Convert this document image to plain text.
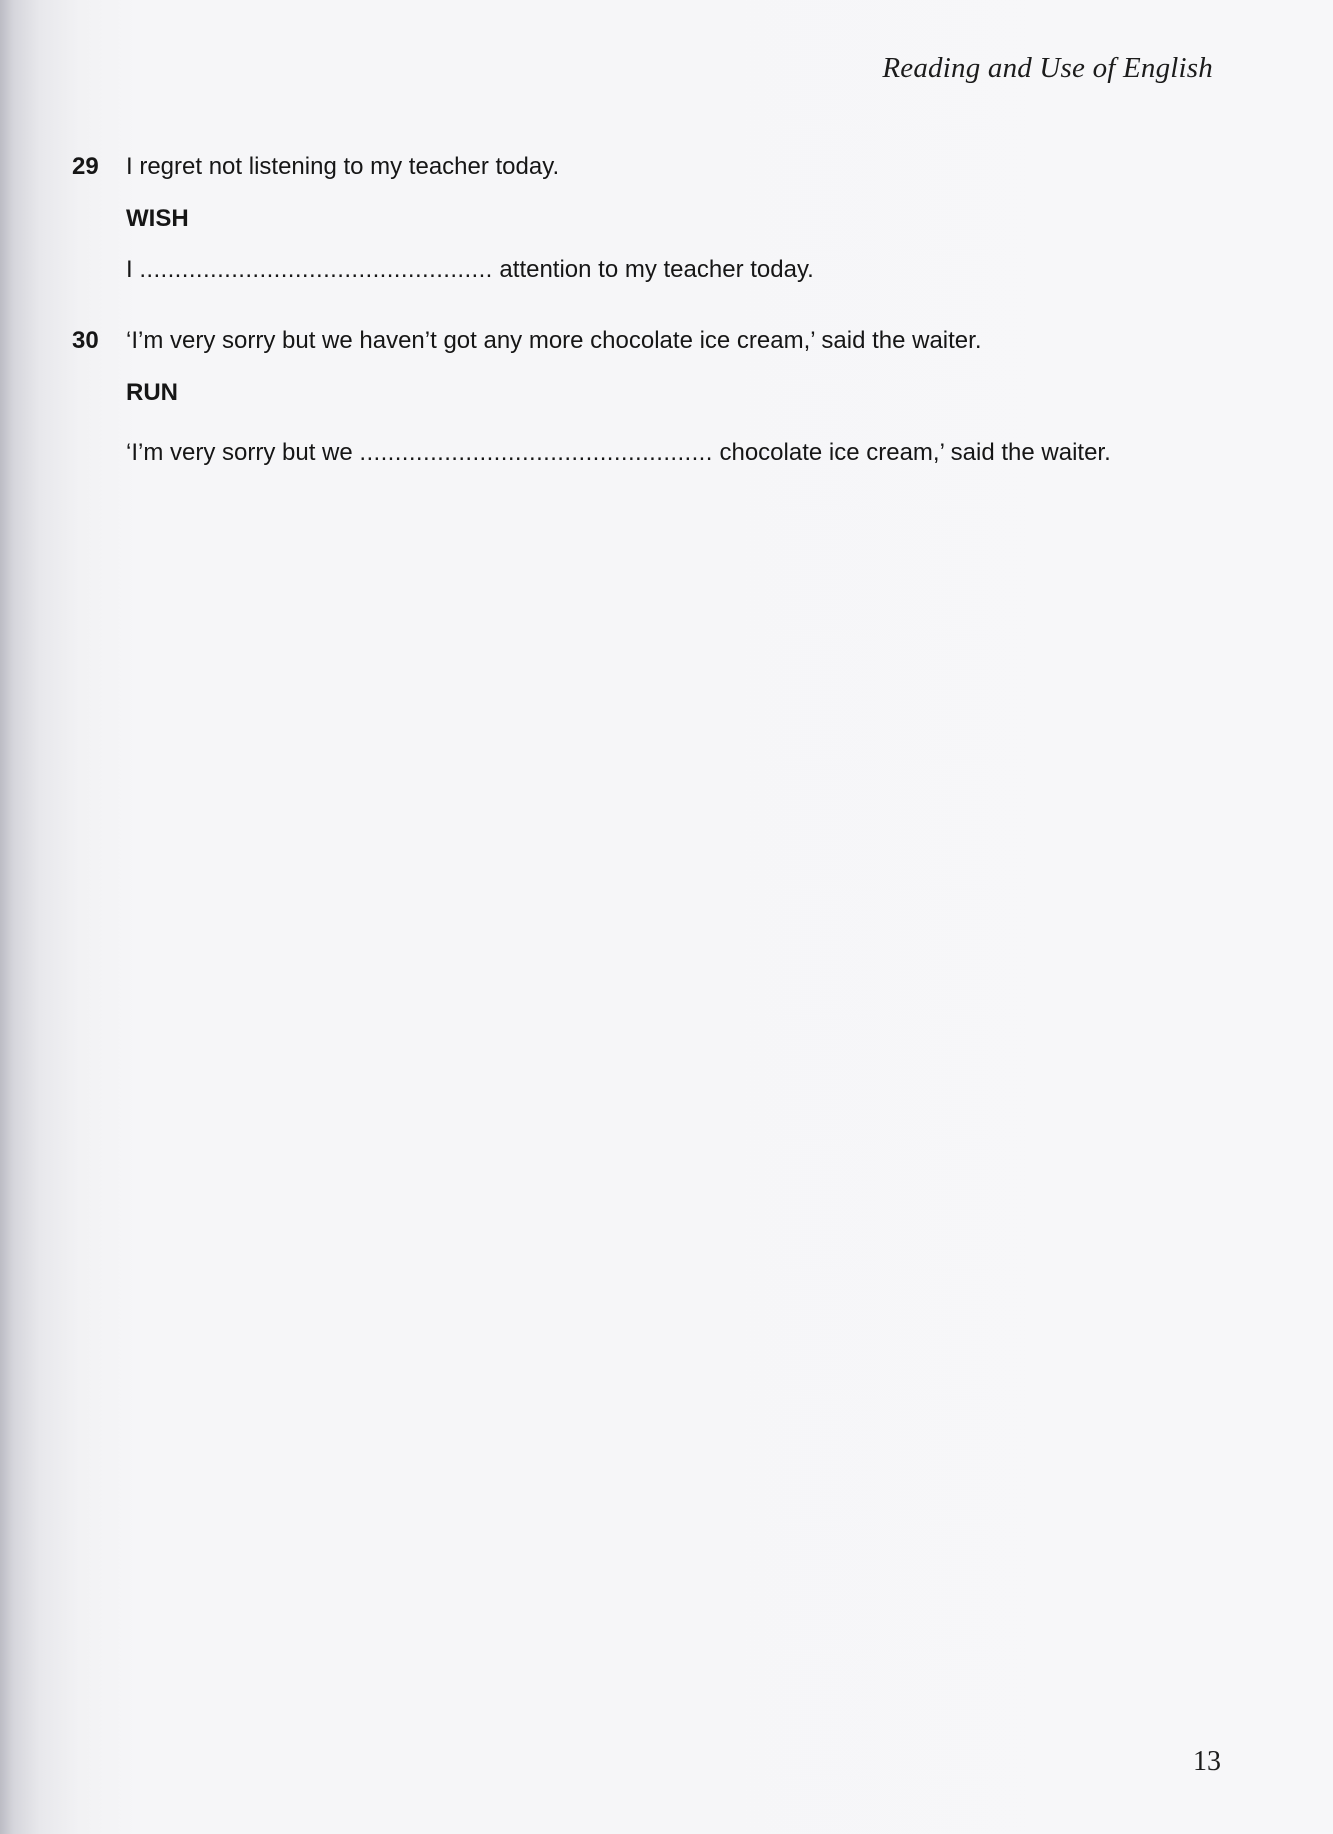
Reading and Use of English
29 I regret not listening to my teacher today.
WISH
I .................................................. attention to my teacher today.
30 ‘I’m very sorry but we haven’t got any more chocolate ice cream,’ said the waiter.
RUN
‘I’m very sorry but we .................................................. chocolate ice cream,’ said the waiter.
13
